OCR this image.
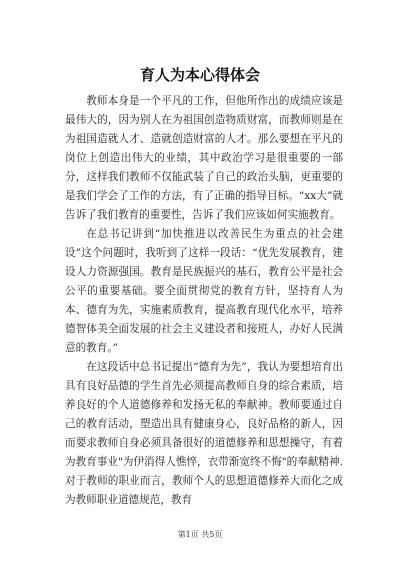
育人为本心得体会

教师本身是一个平凡的工作，但他所作出的成绩应该是最伟大的，因为别人在为祖国创造物质财富，而教师则是在为祖国造就人才、造就创造财富的人才。那么要想在平凡的岗位上创造出伟大的业绩，其中政治学习是很重要的一部分，这样我们教师不仅能武装了自己的政治头脑，更重要的是我们学会了工作的方法，有了正确的指导目标。“xx大”就告诉了我们教育的重要性，告诉了我们应该如何实施教育。

在总书记讲到“加快推进以改善民生为重点的社会建设”这个问题时，我听到了这样一段话：“优先发展教育，建设人力资源强国。教育是民族振兴的基石，教育公平是社会公平的重要基础。要全面贯彻党的教育方针，坚持育人为本、德育为先，实施素质教育，提高教育现代化水平，培养德智体美全面发展的社会主义建设者和接班人，办好人民满意的教育。”

在这段话中总书记提出“德育为先”，我认为要想培育出具有良好品德的学生首先必须提高教师自身的综合素质，培养良好的个人道德修养和发扬无私的奉献神。教师要通过自己的教育活动，塑造出具有健康身心，良好品格的新人，因而要求教师自身必须具备很好的道德修养和思想操守，有着为教育事业"为伊消得人憔悴，衣带渐宽终不悔"的奉献精神.对于教师的职业而言，教师个人的思想道德修养大而化之成为教师职业道德规范，教育

第1页 共5页
